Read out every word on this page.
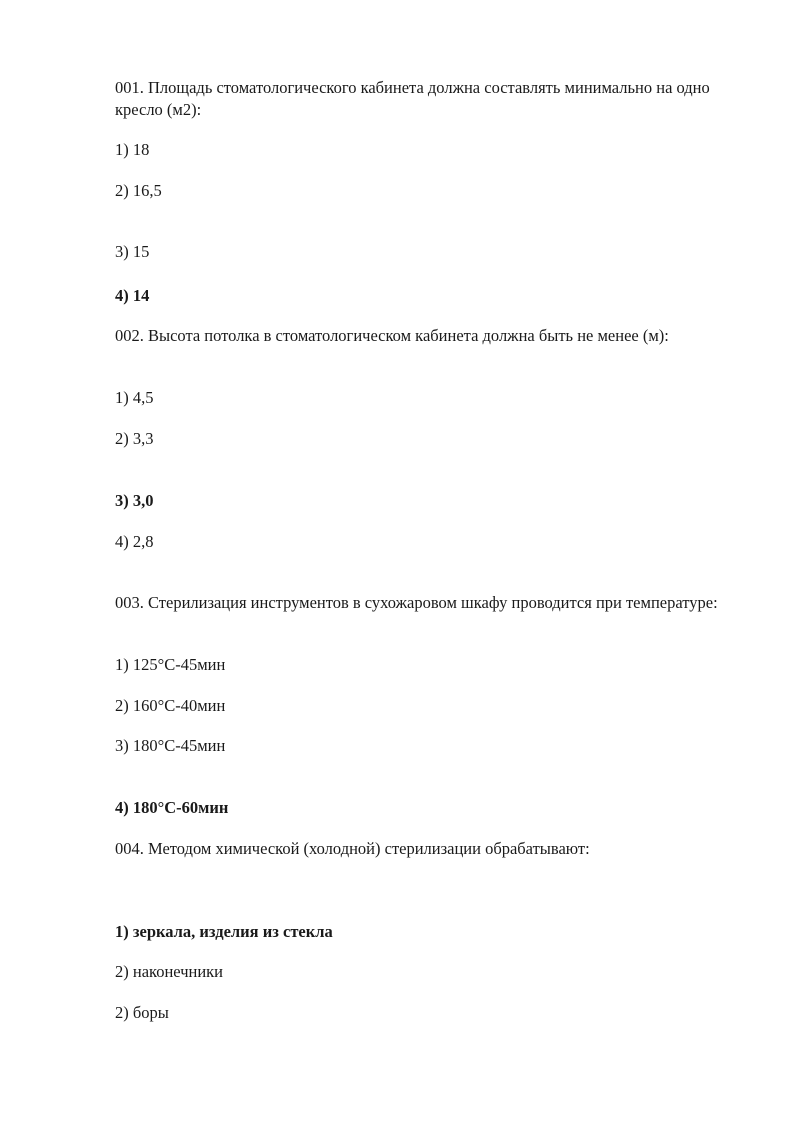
001. Площадь стоматологического кабинета должна составлять минимально на одно кресло (м2):
1) 18
2) 16,5
3) 15
4) 14
002. Высота потолка в стоматологическом кабинета должна быть не менее (м):
1) 4,5
2) 3,3
3) 3,0
4) 2,8
003. Стерилизация инструментов в сухожаровом шкафу проводится при температуре:
1) 125°С-45мин
2) 160°С-40мин
3) 180°С-45мин
4) 180°С-60мин
004. Методом химической (холодной) стерилизации обрабатывают:
1) зеркала, изделия из стекла
2) наконечники
2) боры
